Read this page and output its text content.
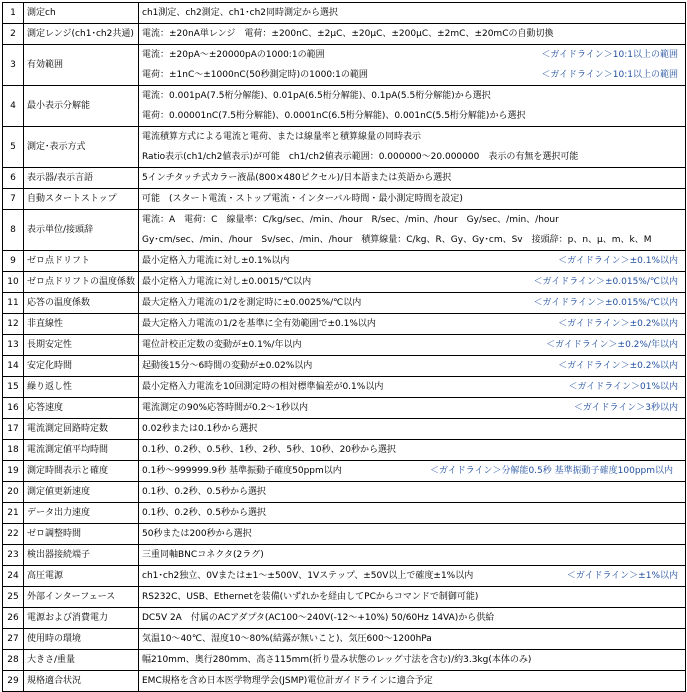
1	測定ch	ch1測定、ch2測定、ch1･ch2同時測定から選択

2	測定レンジ(ch1･ch2共通)	電流：±20nA単レンジ　電荷：±200nC、±2μC、±20μC、±200μC、±2mC、±20mCの自動切換

3	有効範囲	電流：±20pA～±20000pAの1000:1の範囲 ＜ガイドライン＞10:1以上の範囲
電荷：±1nC～±1000nC(50秒測定時)の1000:1の範囲 ＜ガイドライン＞10:1以上の範囲

4	最小表示分解能	電流：0.001pA(7.5桁分解能)、0.01pA(6.5桁分解能)、0.1pA(5.5桁分解能)から選択
電荷：0.00001nC(7.5桁分解能)、0.0001nC(6.5桁分解能)、0.001nC(5.5桁分解能)から選択

5	測定･表示方式	電流積算方式による電流と電荷、または線量率と積算線量の同時表示
Ratio表示(ch1/ch2値表示)が可能　ch1/ch2値表示範囲：0.000000～20.000000　表示の有無を選択可能

6	表示器/表示言語	5インチタッチ式カラー液晶(800×480ピクセル)/日本語または英語から選択

7	自動スタートストップ	可能　(スタート電流・ストップ電流・インターバル時間・最小測定時間を設定)

8	表示単位/接頭辞	電流：A　電荷：C　線量率：C/kg/sec、/min、/hour　R/sec、/min、/hour　Gy/sec、/min、/hour
Gy･cm/sec、/min、/hour　Sv/sec、/min、/hour　積算線量：C/kg、R、Gy、Gy･cm、Sv　接頭辞：p、n、μ、m、k、M

9	ゼロ点ドリフト	最小定格入力電流に対し±0.1%以内 ＜ガイドライン＞±0.1%以内

10	ゼロ点ドリフトの温度係数	最小定格入力電流に対し±0.0015/℃以内 ＜ガイドライン＞±0.015%/℃以内

11	応答の温度係数	最大定格入力電流の1/2を測定時に±0.0025%/℃以内 ＜ガイドライン＞±0.015%/℃以内

12	非直線性	最大定格入力電流の1/2を基準に全有効範囲で±0.1%以内 ＜ガイドライン＞±0.2%以内

13	長期安定性	電位計校正定数の変動が±0.1%/年以内 ＜ガイドライン＞±0.2%/年以内

14	安定化時間	起動後15分～6時間の変動が±0.02%以内 ＜ガイドライン＞±0.2%以内

15	繰り返し性	最小定格入力電流を10回測定時の相対標準偏差が0.1%以内 ＜ガイドライン＞01%以内

16	応答速度	電流測定の90%応答時間が0.2～1秒以内 ＜ガイドライン＞3秒以内

17	電流測定回路時定数	0.02秒または0.1秒から選択

18	電流測定値平均時間	0.1秒、0.2秒、0.5秒、1秒、2秒、5秒、10秒、20秒から選択

19	測定時間表示と確度	0.1秒～999999.9秒 基準振動子確度50ppm以内 ＜ガイドライン＞分解能0.5秒 基準振動子確度100ppm以内

20	測定値更新速度	0.1秒、0.2秒、0.5秒から選択

21	データ出力速度	0.1秒、0.2秒、0.5秒から選択

22	ゼロ調整時間	50秒または200秒から選択

23	検出器接続端子	三重同軸BNCコネクタ(2ラグ)

24	高圧電源	ch1･ch2独立、0Vまたは±1～±500V、1Vステップ、±50V以上で確度±1%以内 ＜ガイドライン＞±1%以内

25	外部インターフェース	RS232C、USB、Ethernetを装備(いずれかを経由してPCからコマンドで制御可能)

26	電源および消費電力	DC5V 2A　付属のACアダプタ(AC100～240V(-12～+10%) 50/60Hz 14VA)から供給

27	使用時の環境	気温10～40℃、湿度10～80%(結露が無いこと)、気圧600～1200hPa

28	大きさ/重量	幅210mm、奥行280mm、高さ115mm(折り畳み状態のレッグ寸法を含む)/約3.3kg(本体のみ)

29	規格適合状況	EMC規格を含め日本医学物理学会(JSMP)電位計ガイドラインに適合予定
